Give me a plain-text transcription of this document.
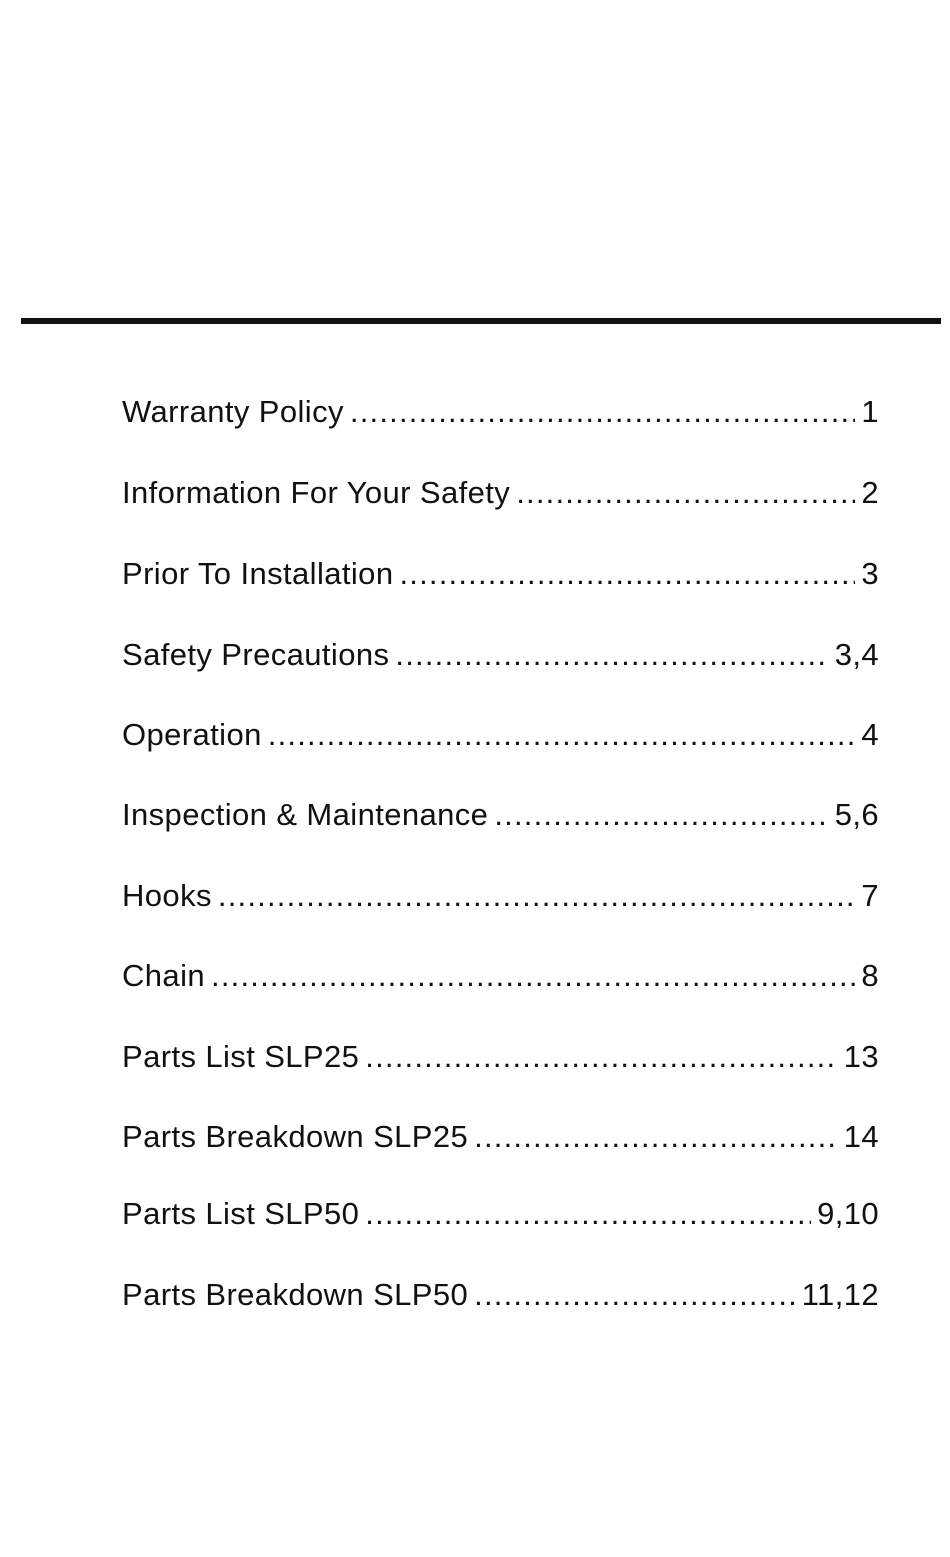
Warranty Policy .....	1
Information For Your Safety .....	2
Prior To Installation .....	3
Safety Precautions .....	3,4
Operation .....	4
Inspection & Maintenance .....	5,6
Hooks .....	7
Chain .....	8
Parts List SLP25 .....	13
Parts Breakdown SLP25 .....	14
Parts List SLP50 .....	9,10
Parts Breakdown SLP50 .....	11,12
